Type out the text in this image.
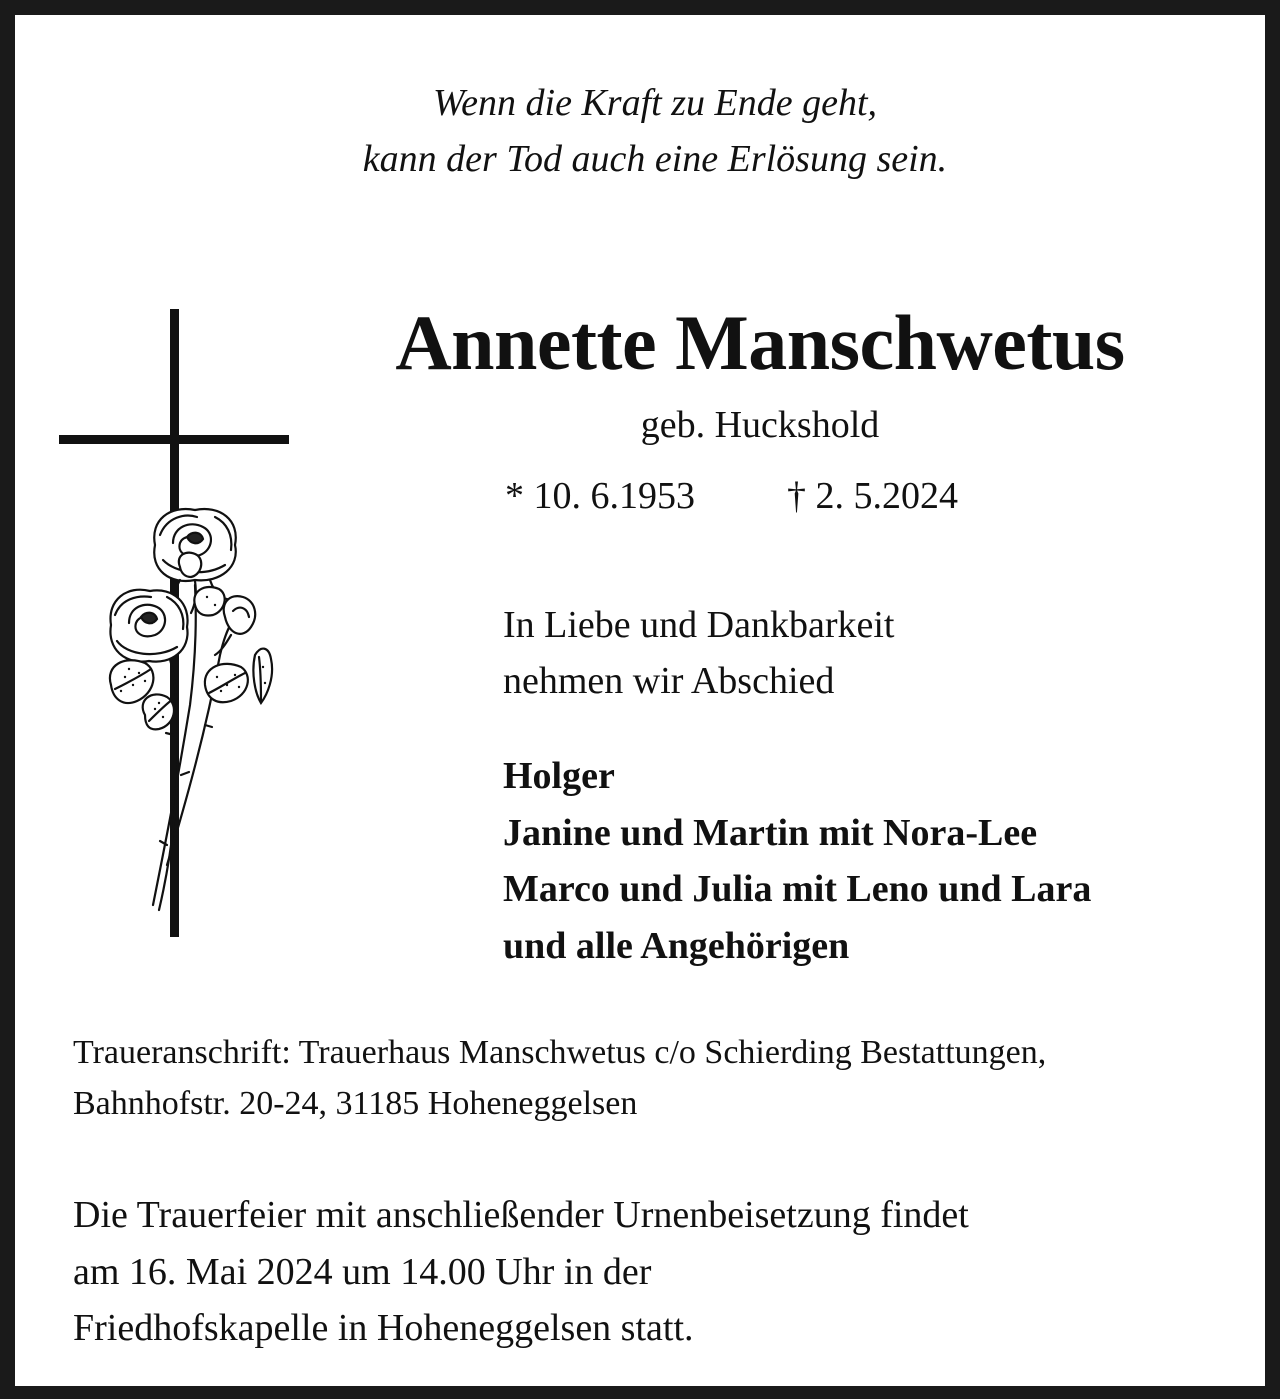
Wenn die Kraft zu Ende geht,
kann der Tod auch eine Erlösung sein.
Annette Manschwetus
geb. Huckshold
* 10. 6.1953 † 2. 5.2024
In Liebe und Dankbarkeit
nehmen wir Abschied
Holger
Janine und Martin mit Nora-Lee
Marco und Julia mit Leno und Lara
und alle Angehörigen
Traueranschrift: Trauerhaus Manschwetus c/o Schierding Bestattungen,
Bahnhofstr. 20-24, 31185 Hoheneggelsen
Die Trauerfeier mit anschließender Urnenbeisetzung findet
am 16. Mai 2024 um 14.00 Uhr in der
Friedhofskapelle in Hoheneggelsen statt.
